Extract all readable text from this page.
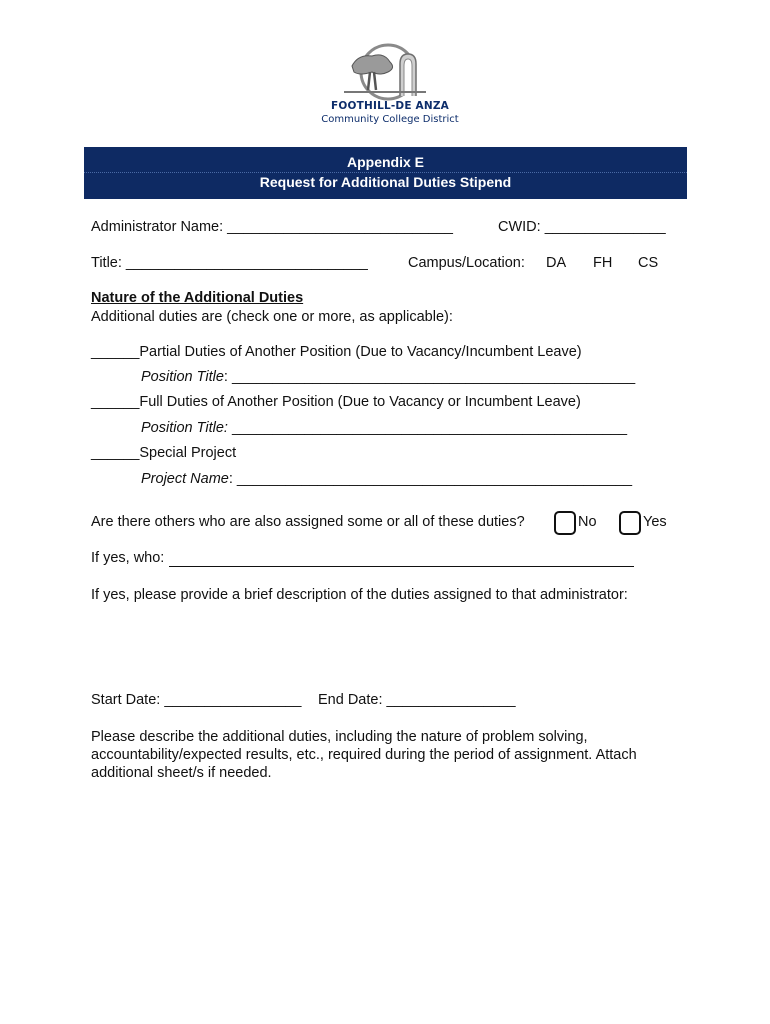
FOOTHILL-DE ANZA
Community College District
Appendix E
Request for Additional Duties Stipend
Administrator Name: ____________________________	CWID: _______________
Title: ______________________________	Campus/Location: DA FH CS
Nature of the Additional Duties
Additional duties are (check one or more, as applicable):
______Partial Duties of Another Position (Due to Vacancy/Incumbent Leave)
Position Title: __________________________________________________
______Full Duties of Another Position (Due to Vacancy or Incumbent Leave)
Position Title: _________________________________________________
______Special Project
Project Name: _________________________________________________
Are there others who are also assigned some or all of these duties?	No	Yes
If yes, who:
If yes, please provide a brief description of the duties assigned to that administrator:
Start Date: _________________ End Date: ________________
Please describe the additional duties, including the nature of problem solving, accountability/expected results, etc., required during the period of assignment. Attach additional sheet/s if needed.
